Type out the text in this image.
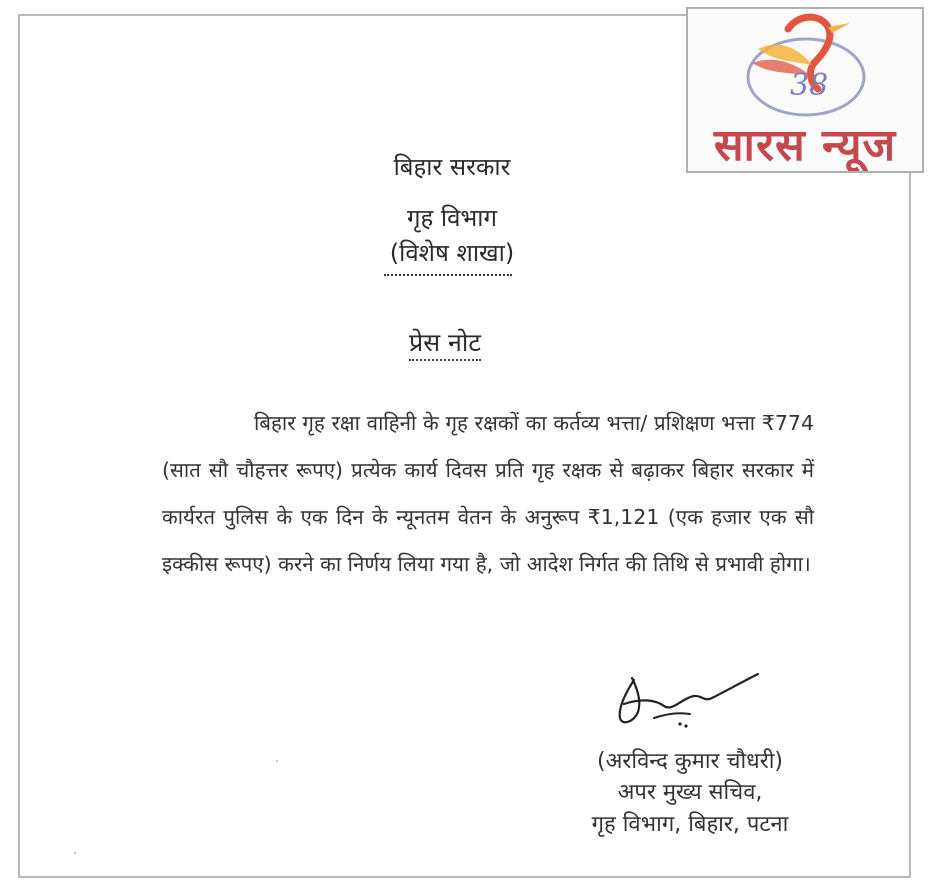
38
सारस न्यूज
बिहार सरकार
गृह विभाग
(विशेष शाखा)
प्रेस नोट
बिहार गृह रक्षा वाहिनी के गृह रक्षकों का कर्तव्य भत्ता/ प्रशिक्षण भत्ता ₹774 (सात सौ चौहत्तर रूपए) प्रत्येक कार्य दिवस प्रति गृह रक्षक से बढ़ाकर बिहार सरकार में कार्यरत पुलिस के एक दिन के न्यूनतम वेतन के अनुरूप ₹1,121 (एक हजार एक सौ इक्कीस रूपए) करने का निर्णय लिया गया है, जो आदेश निर्गत की तिथि से प्रभावी होगा।
(अरविन्द कुमार चौधरी)
अपर मुख्य सचिव,
गृह विभाग, बिहार, पटना
